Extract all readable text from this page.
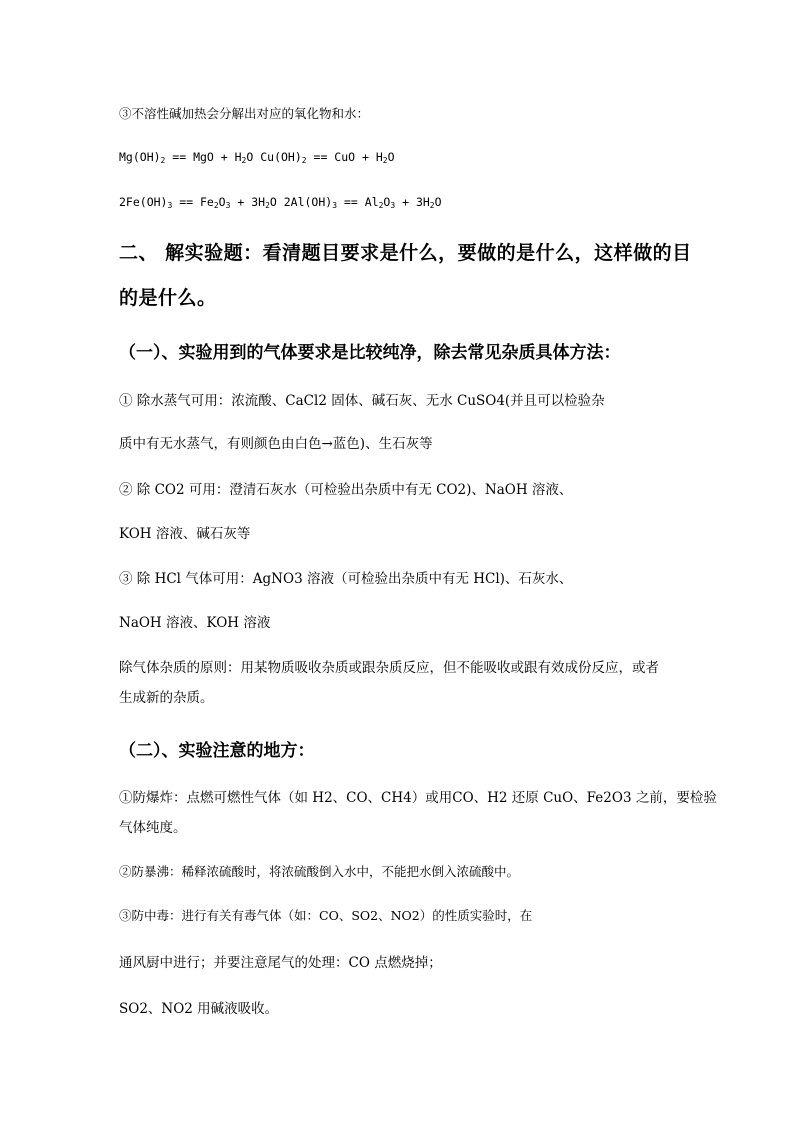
③不溶性碱加热会分解出对应的氧化物和水：
$Mg(OH)_2$ == MgO + $H_2O$ $Cu(OH)_2$ == CuO + $H_2O$
$2Fe(OH)_3 == Fe_2O_3 + 3H_2O$ $2Al(OH)_3 == Al_2O_3 + 3H_2O$
二、 解实验题：看清题目要求是什么，要做的是什么，这样做的目
的是什么。
（一）、实验用到的气体要求是比较纯净，除去常见杂质具体方法：
① 除水蒸气可用：浓流酸、CaCl2 固体、碱石灰、无水 CuSO4(并且可以检验杂
质中有无水蒸气，有则颜色由白色→蓝色)、生石灰等
② 除 CO2 可用：澄清石灰水（可检验出杂质中有无 CO2)、NaOH 溶液、
KOH 溶液、碱石灰等
③ 除 HCl 气体可用：AgNO3 溶液（可检验出杂质中有无 HCl)、石灰水、
NaOH 溶液、KOH 溶液
除气体杂质的原则：用某物质吸收杂质或跟杂质反应，但不能吸收或跟有效成份反应，或者
生成新的杂质。
（二）、实验注意的地方：
①防爆炸：点燃可燃性气体（如 H2、CO、CH4）或用CO、H2 还原 CuO、Fe2O3 之前，要检验
气体纯度。
②防暴沸：稀释浓硫酸时，将浓硫酸倒入水中，不能把水倒入浓硫酸中。
③防中毒：进行有关有毒气体（如：CO、SO2、NO2）的性质实验时，在
通风厨中进行；并要注意尾气的处理：CO 点燃烧掉；
SO2、NO2 用碱液吸收。
